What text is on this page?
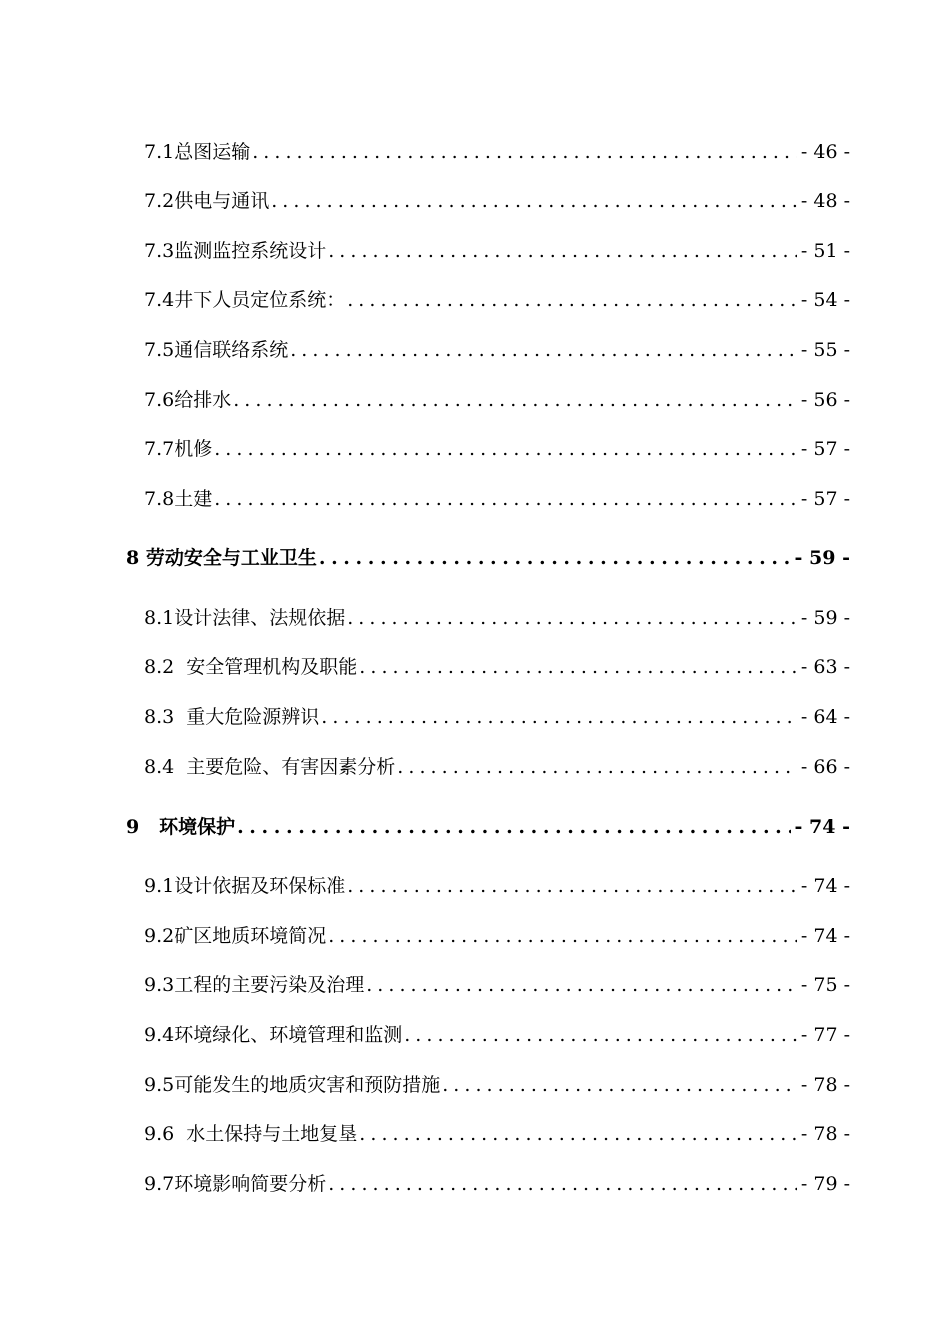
7.1总图运输 . . .	- 46 -
7.2供电与通讯 . . .	- 48 -
7.3监测监控系统设计 . . .	- 51 -
7.4井下人员定位系统： . . .	- 54 -
7.5通信联络系统 . . .	- 55 -
7.6给排水 . . .	- 56 -
7.7机修 . . .	- 57 -
7.8土建 . . .	- 57 -
8 劳动安全与工业卫生 . . .	- 59 -
8.1设计法律、法规依据 . . .	- 59 -
8.2  安全管理机构及职能 . . .	- 63 -
8.3  重大危险源辨识 . . .	- 64 -
8.4  主要危险、有害因素分析 . . .	- 66 -
9   环境保护 . . .	- 74 -
9.1设计依据及环保标准 . . .	- 74 -
9.2矿区地质环境简况 . . .	- 74 -
9.3工程的主要污染及治理 . . .	- 75 -
9.4环境绿化、环境管理和监测 . . .	- 77 -
9.5可能发生的地质灾害和预防措施 . . .	- 78 -
9.6  水土保持与土地复垦 . . .	- 78 -
9.7环境影响简要分析 . . .	- 79 -
